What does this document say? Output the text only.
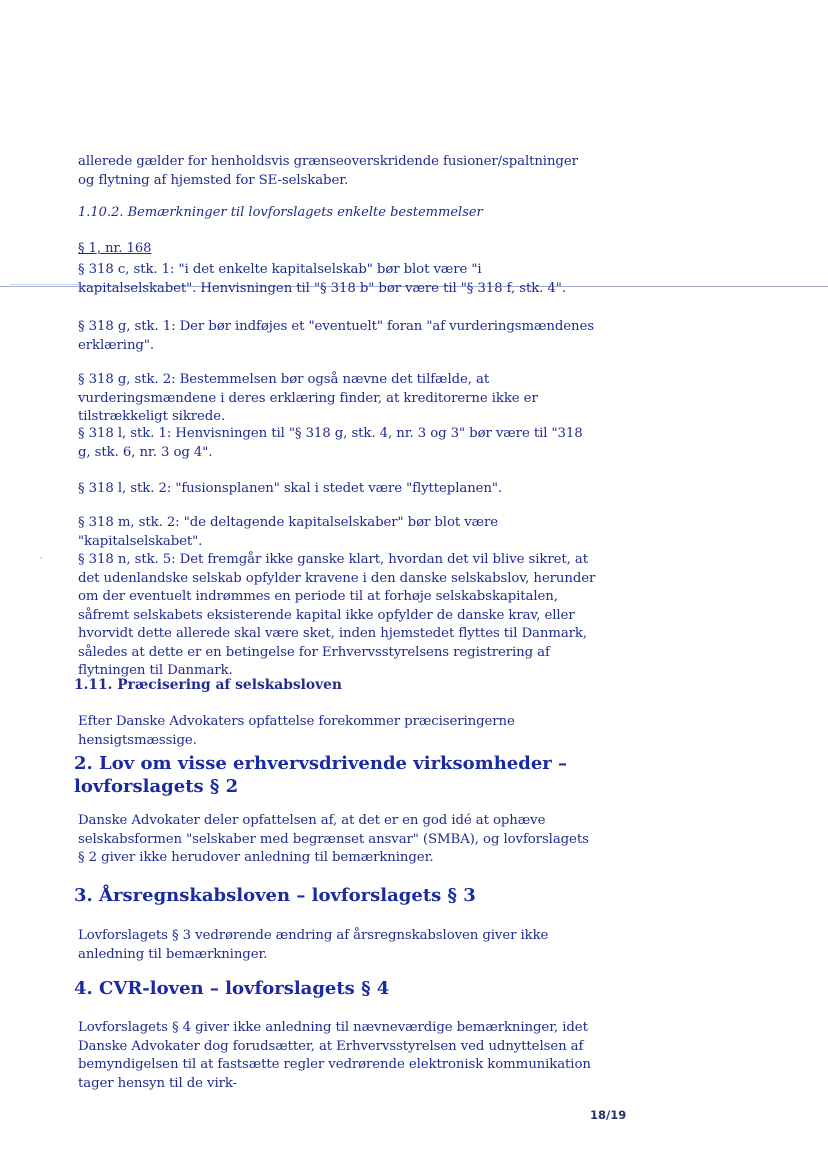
allerede gælder for henholdsvis grænseoverskridende fusioner/spaltninger og flytning af hjemsted for SE-selskaber.
1.10.2. Bemærkninger til lovforslagets enkelte bestemmelser
§ 1, nr. 168
§ 318 c, stk. 1: "i det enkelte kapitalselskab" bør blot være "i kapitalselskabet". Henvisningen til "§ 318 b" bør være til "§ 318 f, stk. 4".
§ 318 g, stk. 1: Der bør indføjes et "eventuelt" foran "af vurderingsmændenes erklæring".
§ 318 g, stk. 2: Bestemmelsen bør også nævne det tilfælde, at vurderingsmændene i deres erklæring finder, at kreditorerne ikke er tilstrækkeligt sikrede.
§ 318 l, stk. 1: Henvisningen til "§ 318 g, stk. 4, nr. 3 og 3" bør være til "318 g, stk. 6, nr. 3 og 4".
§ 318 l, stk. 2: "fusionsplanen" skal i stedet være "flytteplanen".
§ 318 m, stk. 2: "de deltagende kapitalselskaber" bør blot være "kapitalselskabet".
§ 318 n, stk. 5: Det fremgår ikke ganske klart, hvordan det vil blive sikret, at det udenlandske selskab opfylder kravene i den danske selskabslov, herunder om der eventuelt indrømmes en periode til at forhøje selskabskapitalen, såfremt selskabets eksisterende kapital ikke opfylder de danske krav, eller hvorvidt dette allerede skal være sket, inden hjemstedet flyttes til Danmark, således at dette er en betingelse for Erhvervsstyrelsens registrering af flytningen til Danmark.
1.11. Præcisering af selskabsloven
Efter Danske Advokaters opfattelse forekommer præciseringerne hensigtsmæssige.
2. Lov om visse erhvervsdrivende virksomheder – lovforslagets § 2
Danske Advokater deler opfattelsen af, at det er en god idé at ophæve selskabsformen "selskaber med begrænset ansvar" (SMBA), og lovforslagets § 2 giver ikke herudover anledning til bemærkninger.
3. Årsregnskabsloven – lovforslagets § 3
Lovforslagets § 3 vedrørende ændring af årsregnskabsloven giver ikke anledning til bemærkninger.
4. CVR-loven – lovforslagets § 4
Lovforslagets § 4 giver ikke anledning til nævneværdige bemærkninger, idet Danske Advokater dog forudsætter, at Erhvervsstyrelsen ved udnyttelsen af bemyndigelsen til at fastsætte regler vedrørende elektronisk kommunikation tager hensyn til de virk-
18/19
